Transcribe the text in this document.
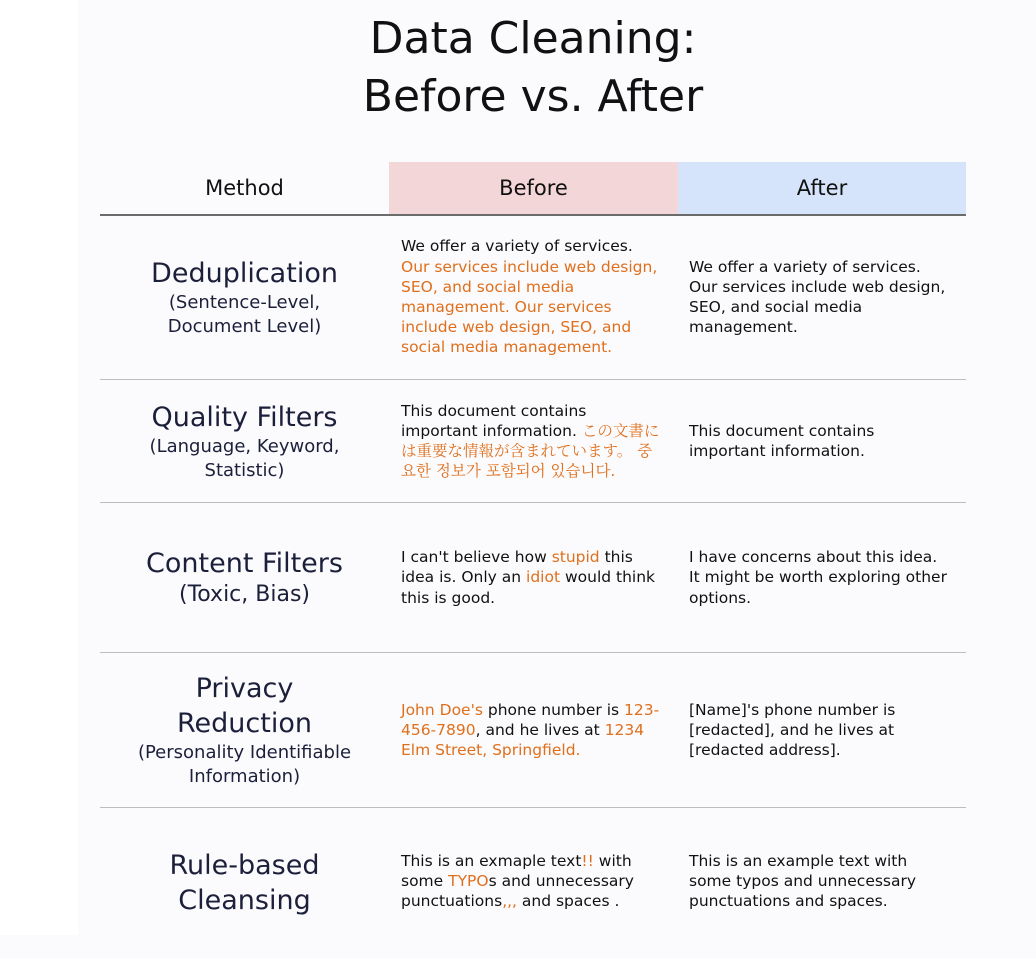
Data Cleaning:
Before vs. After
Method	Before	After
Deduplication
(Sentence-Level, Document Level)
We offer a variety of services. Our services include web design, SEO, and social media management. Our services include web design, SEO, and social media management.
We offer a variety of services. Our services include web design, SEO, and social media management.
Quality Filters
(Language, Keyword, Statistic)
This document contains important information. この文書には重要な情報が含まれています。 중요한 정보가 포함되어 있습니다.
This document contains important information.
Content Filters
(Toxic, Bias)
I can't believe how stupid this idea is. Only an idiot would think this is good.
I have concerns about this idea. It might be worth exploring other options.
Privacy Reduction
(Personality Identifiable Information)
John Doe's phone number is 123-456-7890, and he lives at 1234 Elm Street, Springfield.
[Name]'s phone number is [redacted], and he lives at [redacted address].
Rule-based Cleansing
This is an exmaple text!! with some TYPOs and unnecessary punctuations,,, and spaces .
This is an example text with some typos and unnecessary punctuations and spaces.
